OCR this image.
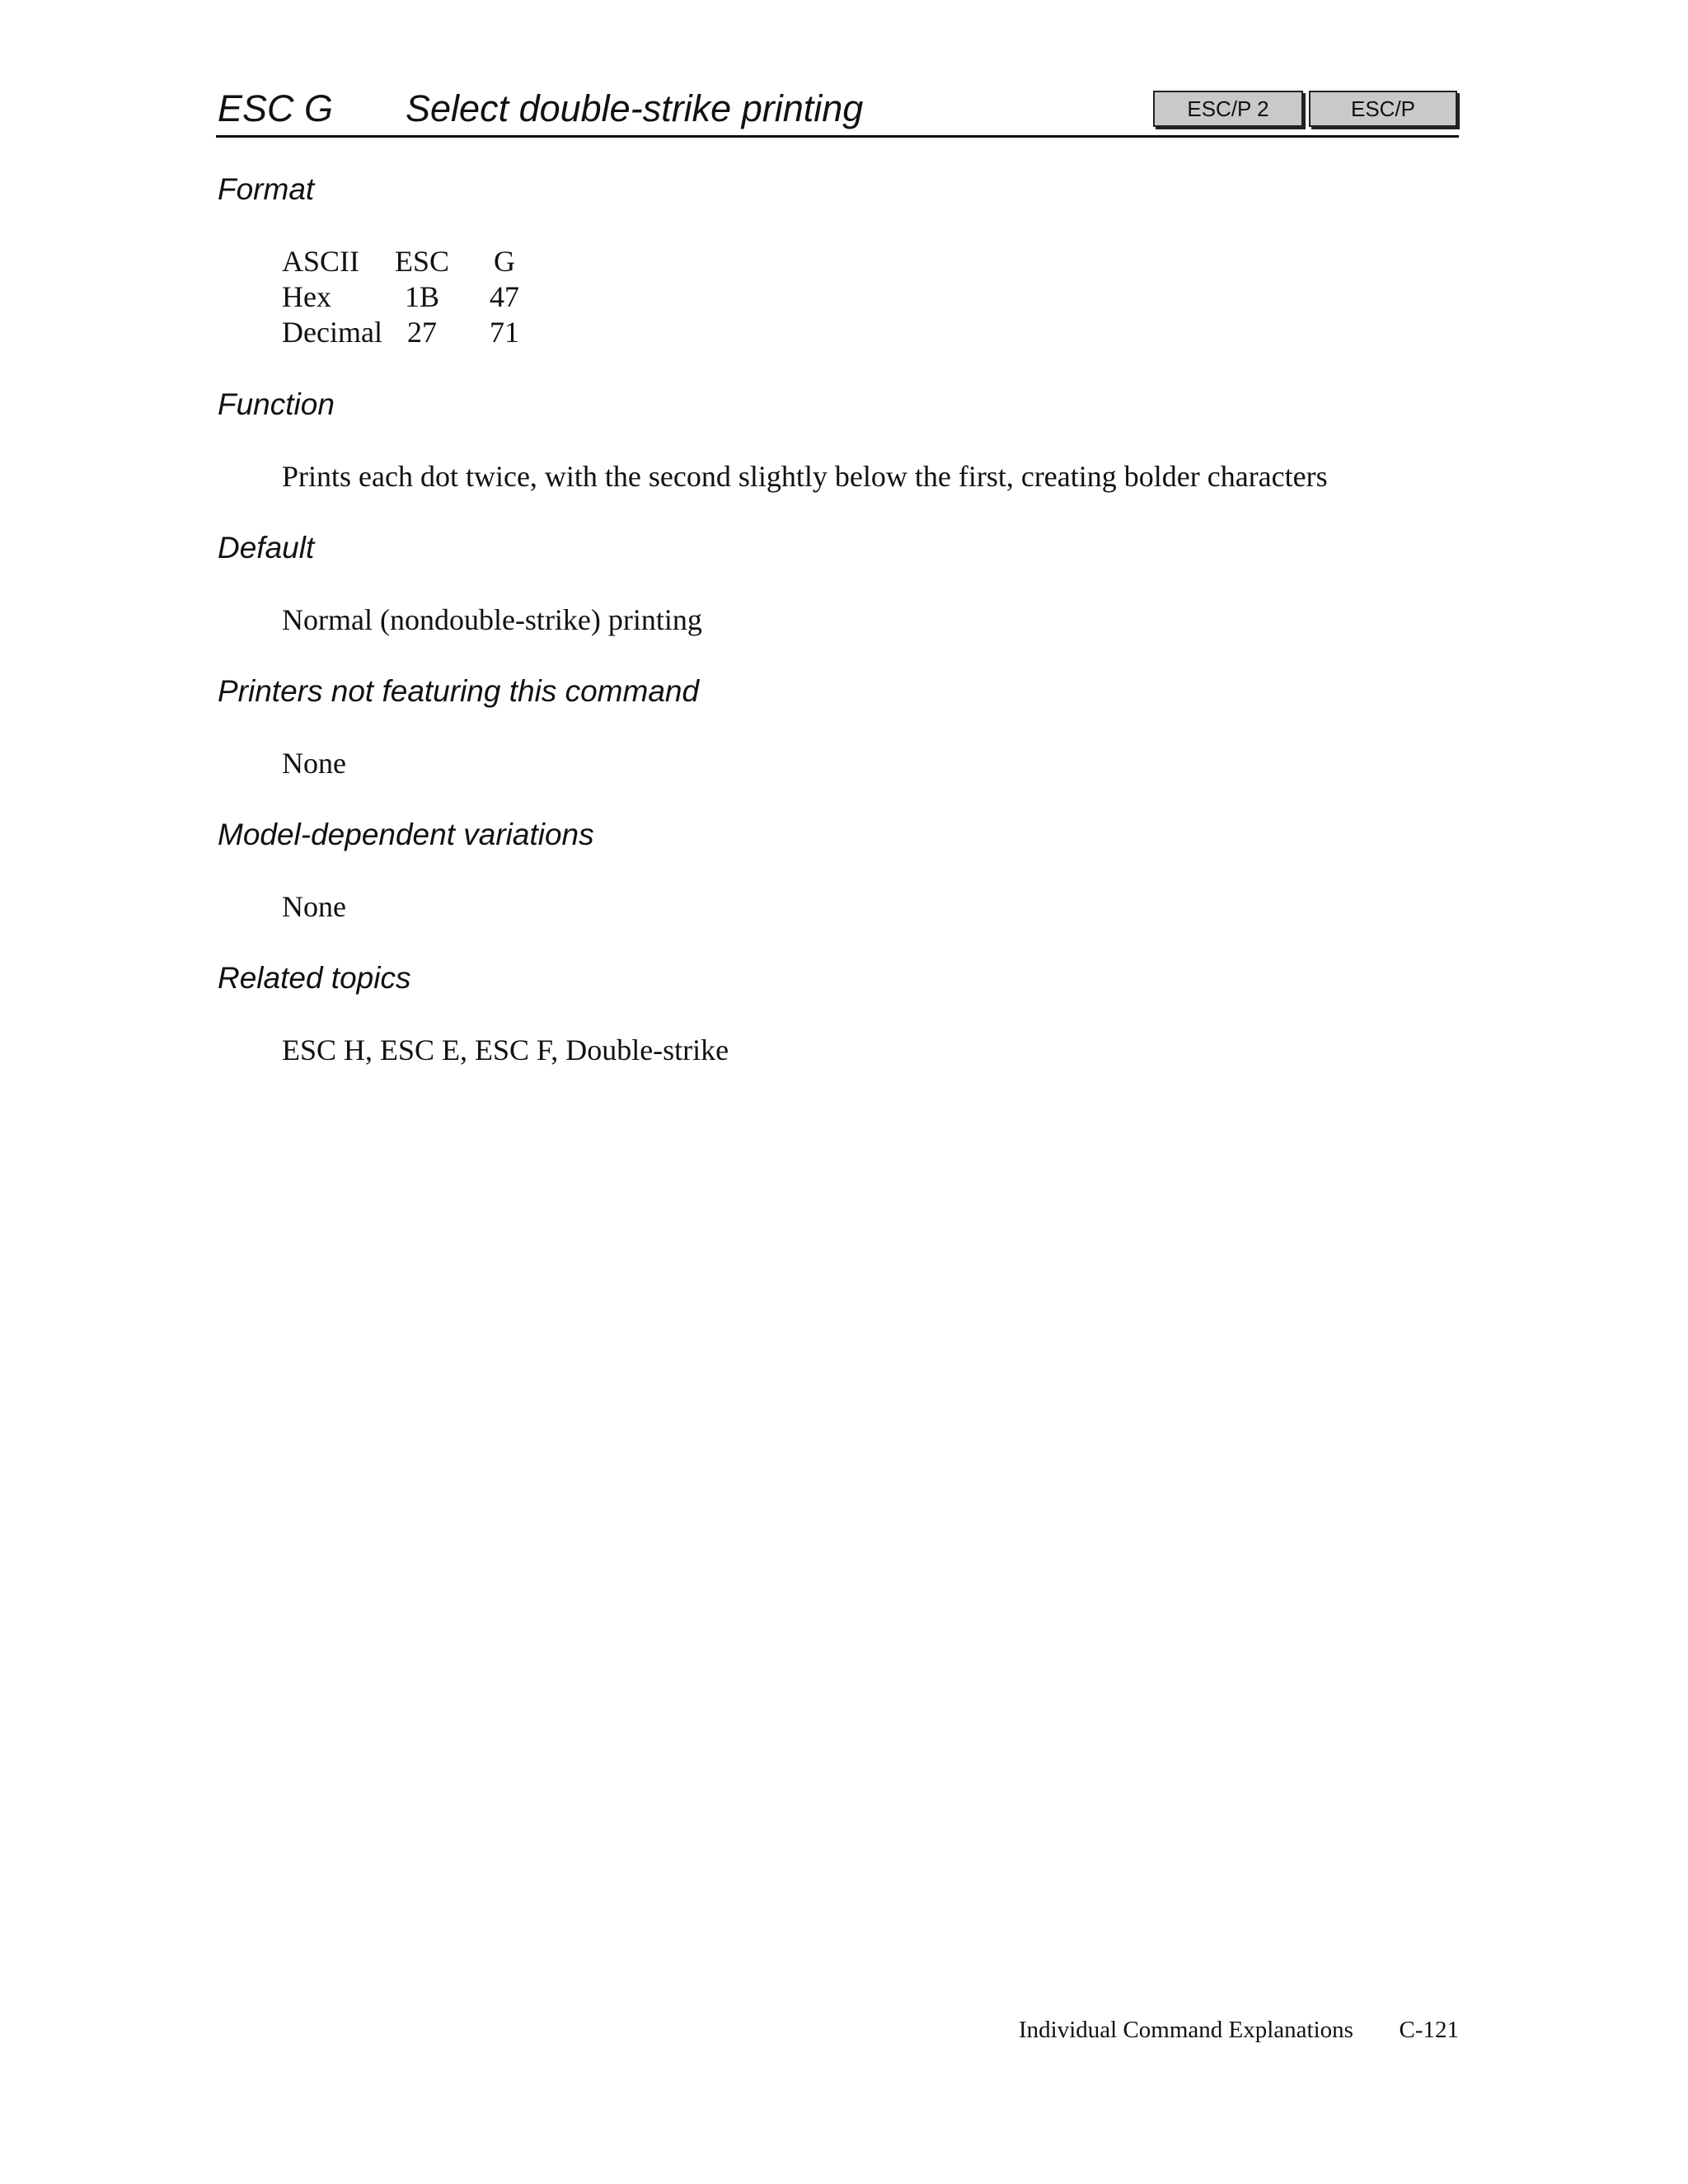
ESC G Select double-strike printing	ESC/P 2	ESC/P
Format
ASCII	ESC	G
Hex	1B	47
Decimal 27	71
Function
Prints each dot twice, with the second slightly below the first, creating bolder characters
Default
Normal (nondouble-strike) printing
Printers not featuring this command
None
Model-dependent variations
None
Related topics
ESC H, ESC E, ESC F, Double-strike
Individual Command Explanations C-121
